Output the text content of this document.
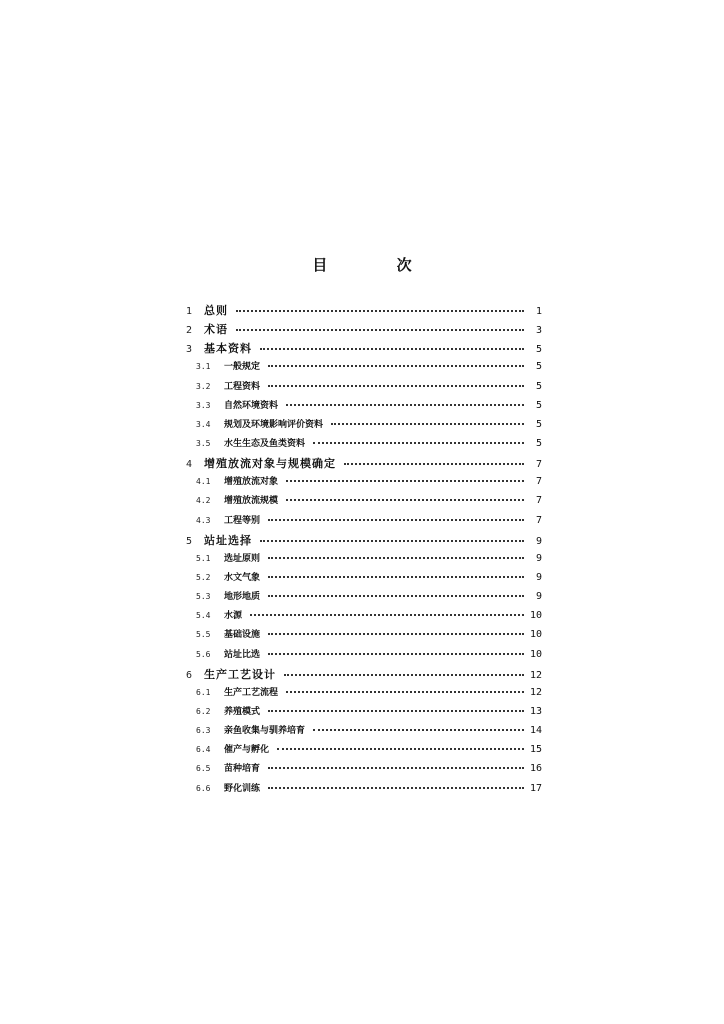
目 次
1	总则	1
2	术语	3
3	基本资料	5
3.1	一般规定	5
3.2	工程资料	5
3.3	自然环境资料	5
3.4	规划及环境影响评价资料	5
3.5	水生生态及鱼类资料	5
4	增殖放流对象与规模确定	7
4.1	增殖放流对象	7
4.2	增殖放流规模	7
4.3	工程等别	7
5	站址选择	9
5.1	选址原则	9
5.2	水文气象	9
5.3	地形地质	9
5.4	水源	10
5.5	基础设施	10
5.6	站址比选	10
6	生产工艺设计	12
6.1	生产工艺流程	12
6.2	养殖模式	13
6.3	亲鱼收集与驯养培育	14
6.4	催产与孵化	15
6.5	苗种培育	16
6.6	野化训练	17
